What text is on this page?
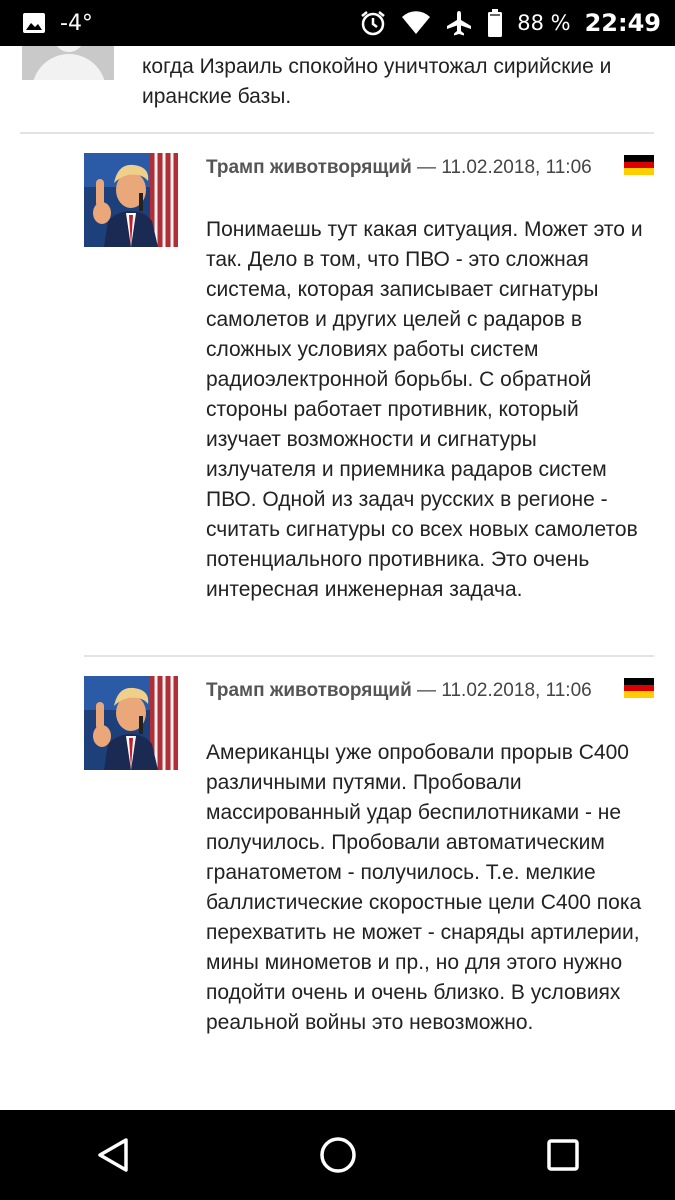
-4°	88 % 22:49
когда Израиль спокойно уничтожал сирийские и иранские базы.
Трамп животворящий — 11.02.2018, 11:06
Понимаешь тут какая ситуация. Может это и так. Дело в том, что ПВО - это сложная система, которая записывает сигнатуры самолетов и других целей с радаров в сложных условиях работы систем радиоэлектронной борьбы. С обратной стороны работает противник, который изучает возможности и сигнатуры излучателя и приемника радаров систем ПВО. Одной из задач русских в регионе - считать сигнатуры со всех новых самолетов потенциального противника. Это очень интересная инженерная задача.
Трамп животворящий — 11.02.2018, 11:06
Американцы уже опробовали прорыв С400 различными путями. Пробовали массированный удар беспилотниками - не получилось. Пробовали автоматическим гранатометом - получилось. Т.е. мелкие баллистические скоростные цели С400 пока перехватить не может - снаряды артилерии, мины минометов и пр., но для этого нужно подойти очень и очень близко. В условиях реальной войны это невозможно.
